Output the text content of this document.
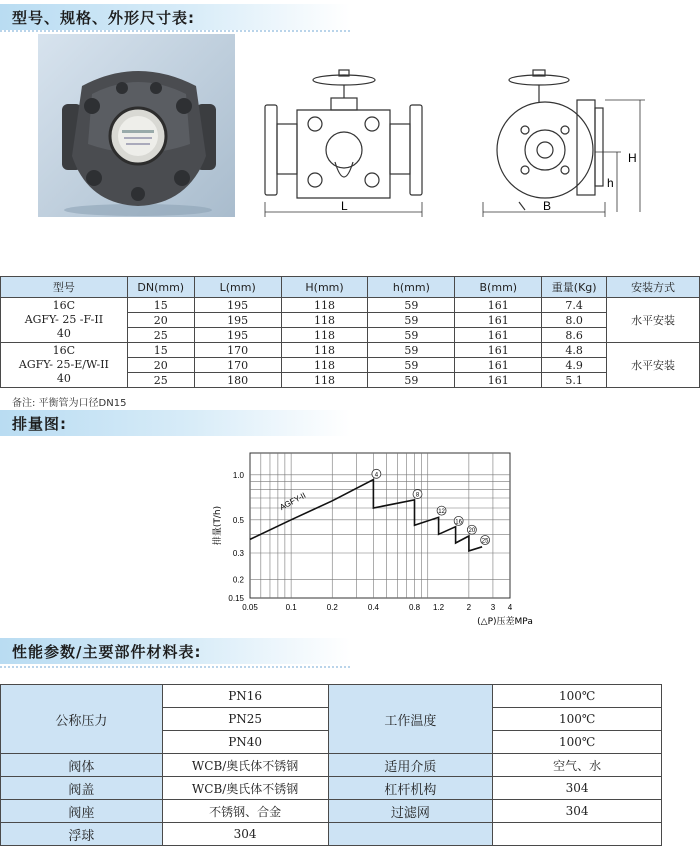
型号、规格、外形尺寸表:
L	B
H
h
型号	DN(mm)	L(mm)	H(mm)	h(mm)	B(mm)	重量(Kg)	安装方式

16C
AGFY- 25 -F-II
40	15	195	118	59	161	7.4	水平安装
	20	195	118	59	161	8.0	
	25	195	118	59	161	8.6	

16C
AGFY- 25-E/W-II
40	15	170	118	59	161	4.8	水平安装
	20	170	118	59	161	4.9	
	25	180	118	59	161	5.1	
备注: 平衡管为口径DN15
排量图:
0.05	0.1	0.2	0.4	0.8 1.2	2 3 4
1.0
0.5
0.3
0.2
0.15
排量(T/h)
(△P)压差MPa
AGFY-II
4
8
12
16
20
25
性能参数/主要部件材料表:
公称压力	PN16	工作温度	100℃
	PN25		100℃
	PN40		100℃
阀体	WCB/奥氏体不锈钢	适用介质	空气、水
阀盖	WCB/奥氏体不锈钢	杠杆机构	304
阀座	不锈钢、合金	过滤网	304
浮球	304		
